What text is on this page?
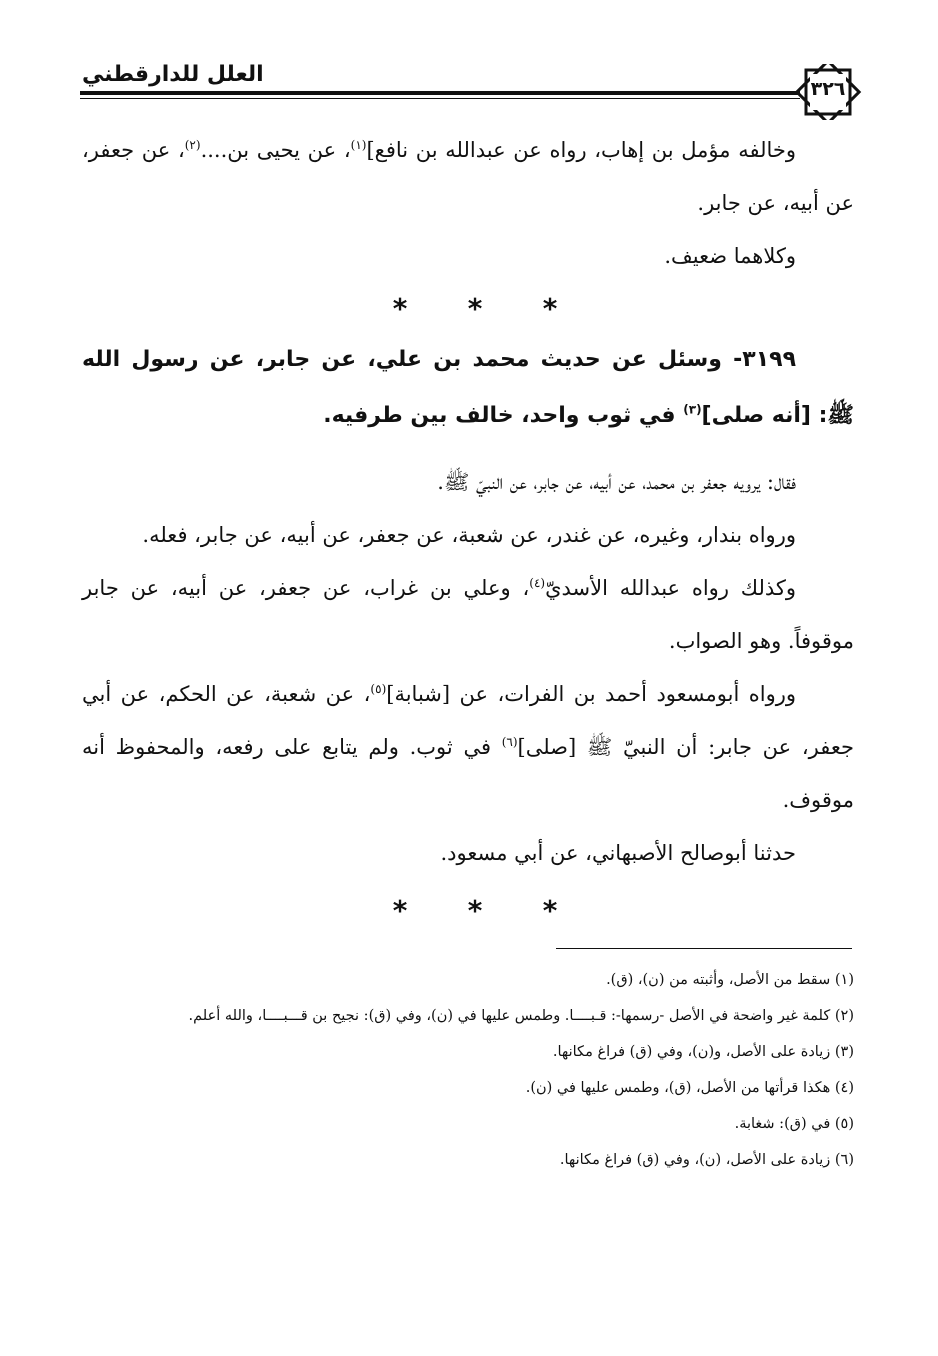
العلل للدارقطني
٣٢٦

وخالفه مؤمل بن إهاب، رواه عن عبدالله بن نافع]$^{(١)}$، عن يحيى بن....$^{(٢)}$، عن جعفر، عن أبيه، عن جابر.

وكلاهما ضعيف.

* * *

٣١٩٩- وسئل عن حديث محمد بن علي، عن جابر، عن رسول الله ﷺ: [أنه صلى]$^{(٣)}$ في ثوب واحد، خالف بين طرفيه.

فقال: يرويه جعفر بن محمد، عن أبيه، عن جابر، عن النبيّ ﷺ.

ورواه بندار، وغيره، عن غندر، عن شعبة، عن جعفر، عن أبيه، عن جابر، فعله.

وكذلك رواه عبدالله الأسديّ$^{(٤)}$، وعلي بن غراب، عن جعفر، عن أبيه، عن جابر موقوفاً. وهو الصواب.

ورواه أبومسعود أحمد بن الفرات، عن [شبابة]$^{(٥)}$، عن شعبة، عن الحكم، عن أبي جعفر، عن جابر: أن النبيّ ﷺ [صلى]$^{(٦)}$ في ثوب. ولم يتابع على رفعه، والمحفوظ أنه موقوف.

حدثنا أبوصالح الأصبهاني، عن أبي مسعود.

* * *

(١) سقط من الأصل، وأثبته من (ن)، (ق).

(٢) كلمة غير واضحة في الأصل -رسمها-: قـبــــا. وطمس عليها في (ن)، وفي (ق): نجيح بن قـــبــــا، والله أعلم.

(٣) زيادة على الأصل، و(ن)، وفي (ق) فراغ مكانها.

(٤) هكذا قرأتها من الأصل، (ق)، وطمس عليها في (ن).

(٥) في (ق): شغابة.

(٦) زيادة على الأصل، (ن)، وفي (ق) فراغ مكانها.
